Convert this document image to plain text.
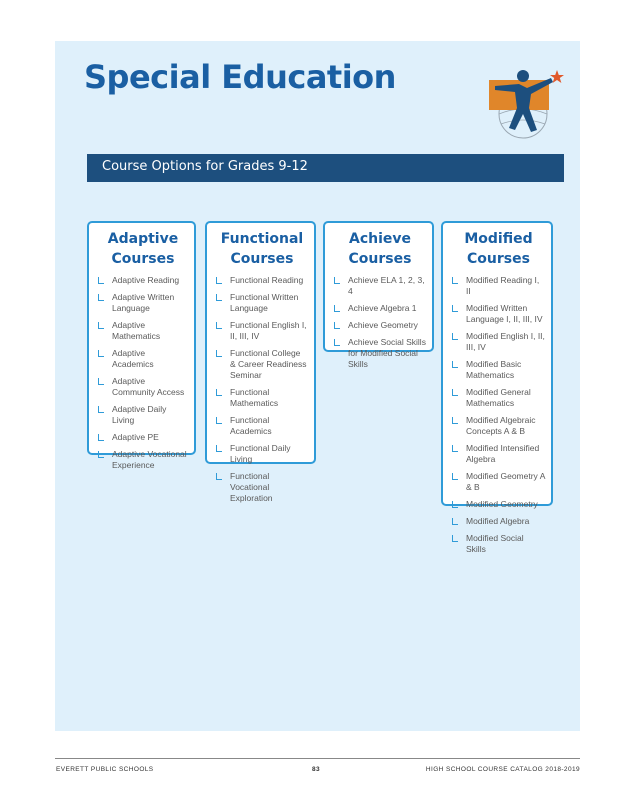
Special Education
Course Options for Grades 9-12
Adaptive
Courses
Adaptive Reading
Adaptive Written Language
Adaptive Mathematics
Adaptive Academics
Adaptive Community Access
Adaptive Daily Living
Adaptive PE
Adaptive Vocational Experience
Functional
Courses
Functional Reading
Functional Written Language
Functional English I, II, III, IV
Functional College & Career Readiness Seminar
Functional Mathematics
Functional Academics
Functional Daily Living
Functional Vocational Exploration
Achieve
Courses
Achieve ELA 1, 2, 3, 4
Achieve Algebra 1
Achieve Geometry
Achieve Social Skills for Modified Social Skills
Modified
Courses
Modified Reading I, II
Modified Written Language I, II, III, IV
Modified English I, II, III, IV
Modified Basic Mathematics
Modified General Mathematics
Modified Algebraic Concepts A & B
Modified Intensified Algebra
Modified Geometry A & B
Modified Geometry
Modified Algebra
Modified Social Skills
EVERETT PUBLIC SCHOOLS	83	HIGH SCHOOL COURSE CATALOG 2018-2019
